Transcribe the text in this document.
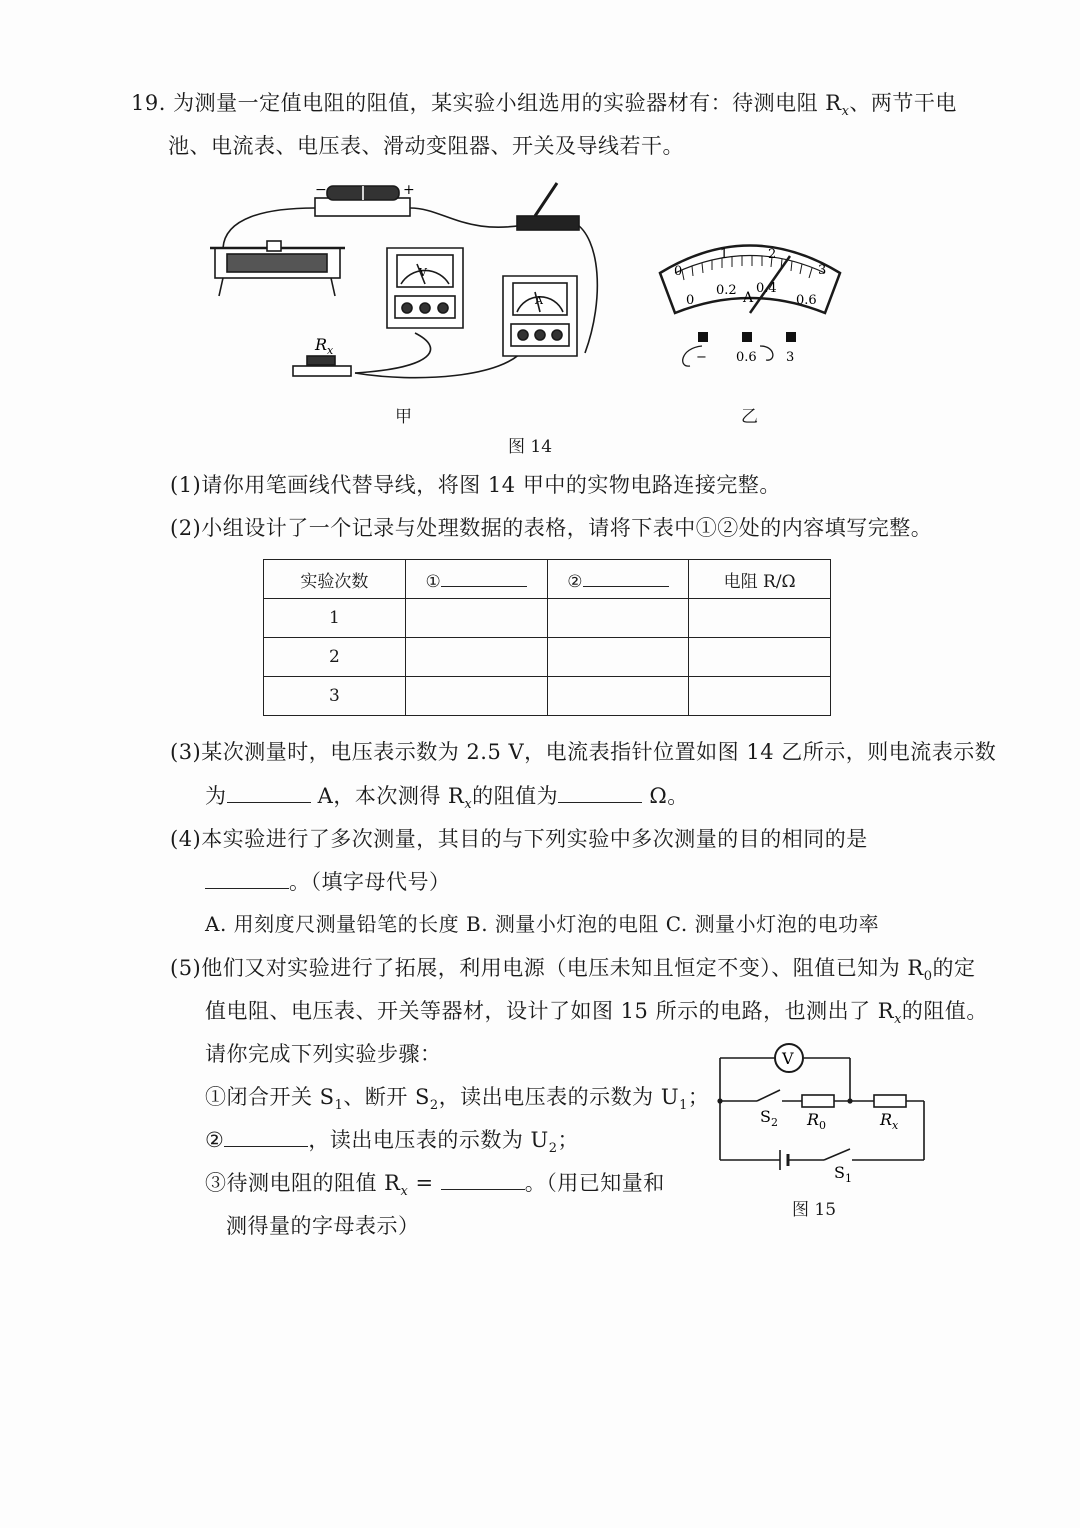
19. 为测量一定值电阻的阻值，某实验小组选用的实验器材有：待测电阻 $R_x$、两节干电
池、电流表、电压表、滑动变阻器、开关及导线若干。
−	+
V
A
$R_x$
甲
0
1	2
3
0
0.2 0.4
0.6
A
− 0.6 3
乙
图 14
(1)请你用笔画线代替导线，将图 14 甲中的实物电路连接完整。
(2)小组设计了一个记录与处理数据的表格，请将下表中①②处的内容填写完整。
实验次数	①	②	电阻 R/Ω
1			
2			
3			
(3)某次测量时，电压表示数为 2.5 V，电流表指针位置如图 14 乙所示，则电流表示数
为	A，本次测得 $R_x$的阻值为	Ω。
(4)本实验进行了多次测量，其目的与下列实验中多次测量的目的相同的是
。（填字母代号）
A. 用刻度尺测量铅笔的长度 B. 测量小灯泡的电阻 C. 测量小灯泡的电功率
(5)他们又对实验进行了拓展，利用电源（电压未知且恒定不变）、阻值已知为 $R_0$的定
值电阻、电压表、开关等器材，设计了如图 15 所示的电路，也测出了 $R_x$的阻值。
请你完成下列实验步骤：
①闭合开关 $S_1$、断开 $S_2$，读出电压表的示数为 $U_1$；
②	，读出电压表的示数为 $U_2$；
③待测电阻的阻值 $R_x$ =	。（用已知量和
测得量的字母表示）
V
$S_2$ $R_0$	$R_x$
$S_1$
图 15
